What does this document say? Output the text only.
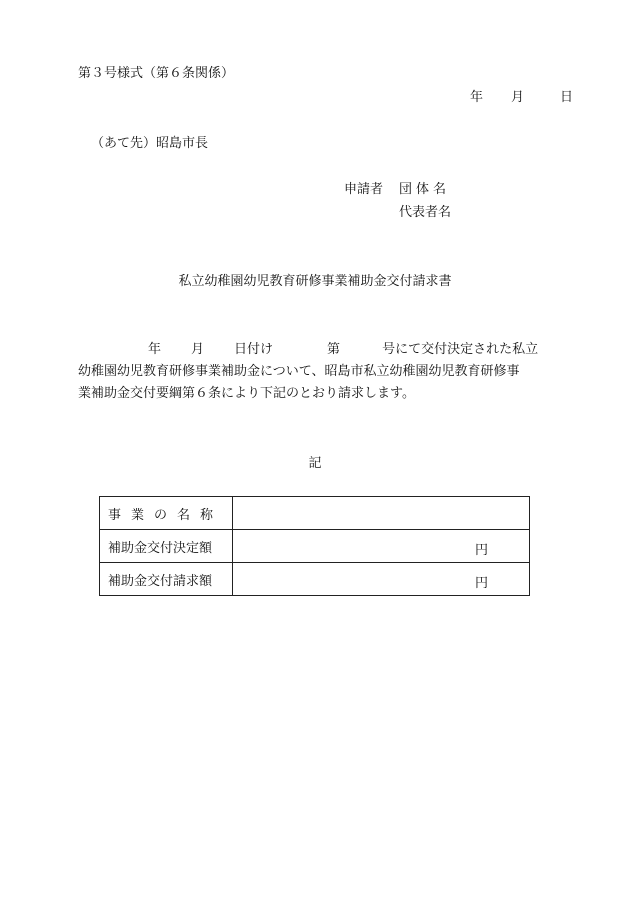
第３号様式（第６条関係）
年 月	日
（あて先）昭島市長
申請者 団体名
代表者名
私立幼稚園幼児教育研修事業補助金交付請求書
年 月 日付け	第	号にて交付決定された私立
幼稚園幼児教育研修事業補助金について、昭島市私立幼稚園幼児教育研修事
業補助金交付要綱第６条により下記のとおり請求します。
記
事業の名称	
補助金交付決定額	円

補助金交付請求額	円
